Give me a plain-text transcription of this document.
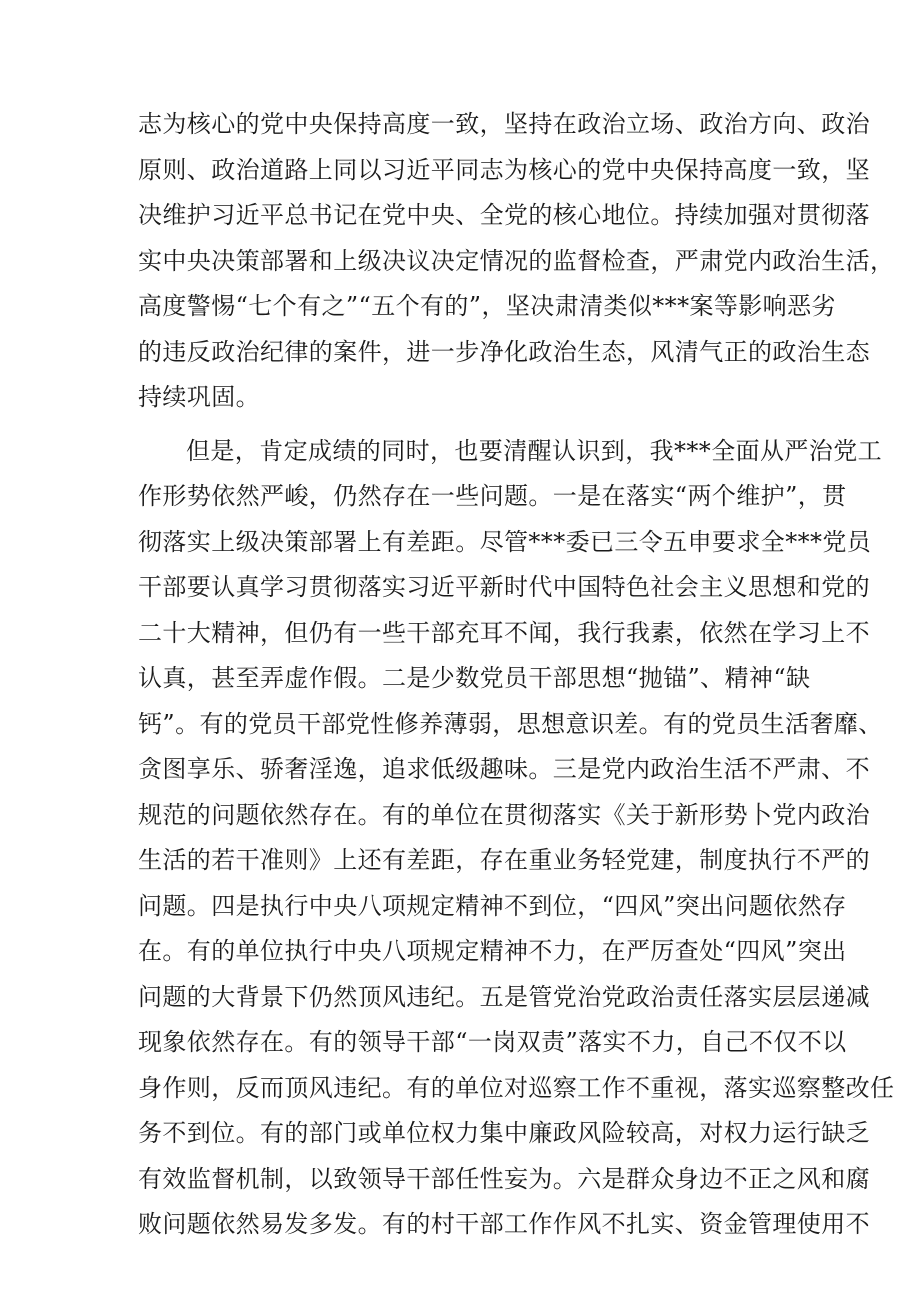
志为核心的党中央保持高度一致，坚持在政治立场、政治方向、政治
原则、政治道路上同以习近平同志为核心的党中央保持高度一致，坚
决维护习近平总书记在党中央、全党的核心地位。持续加强对贯彻落
实中央决策部署和上级决议决定情况的监督检查，严肃党内政治生活，
高度警惕“七个有之”“五个有的”，坚决肃清类似***案等影响恶劣
的违反政治纪律的案件，进一步净化政治生态，风清气正的政治生态
持续巩固。
但是，肯定成绩的同时，也要清醒认识到，我***全面从严治党工
作形势依然严峻，仍然存在一些问题。一是在落实“两个维护”，贯
彻落实上级决策部署上有差距。尽管***委已三令五申要求全***党员
干部要认真学习贯彻落实习近平新时代中国特色社会主义思想和党的
二十大精神，但仍有一些干部充耳不闻，我行我素，依然在学习上不
认真，甚至弄虚作假。二是少数党员干部思想“抛锚”、精神“缺
钙”。有的党员干部党性修养薄弱，思想意识差。有的党员生活奢靡、
贪图享乐、骄奢淫逸，追求低级趣味。三是党内政治生活不严肃、不
规范的问题依然存在。有的单位在贯彻落实《关于新形势卜党内政治
生活的若干准则》上还有差距，存在重业务轻党建，制度执行不严的
问题。四是执行中央八项规定精神不到位，“四风”突出问题依然存
在。有的单位执行中央八项规定精神不力，在严厉查处“四风”突出
问题的大背景下仍然顶风违纪。五是管党治党政治责任落实层层递减
现象依然存在。有的领导干部“一岗双责”落实不力，自己不仅不以
身作则，反而顶风违纪。有的单位对巡察工作不重视，落实巡察整改任
务不到位。有的部门或单位权力集中廉政风险较高，对权力运行缺乏
有效监督机制，以致领导干部任性妄为。六是群众身边不正之风和腐
败问题依然易发多发。有的村干部工作作风不扎实、资金管理使用不
